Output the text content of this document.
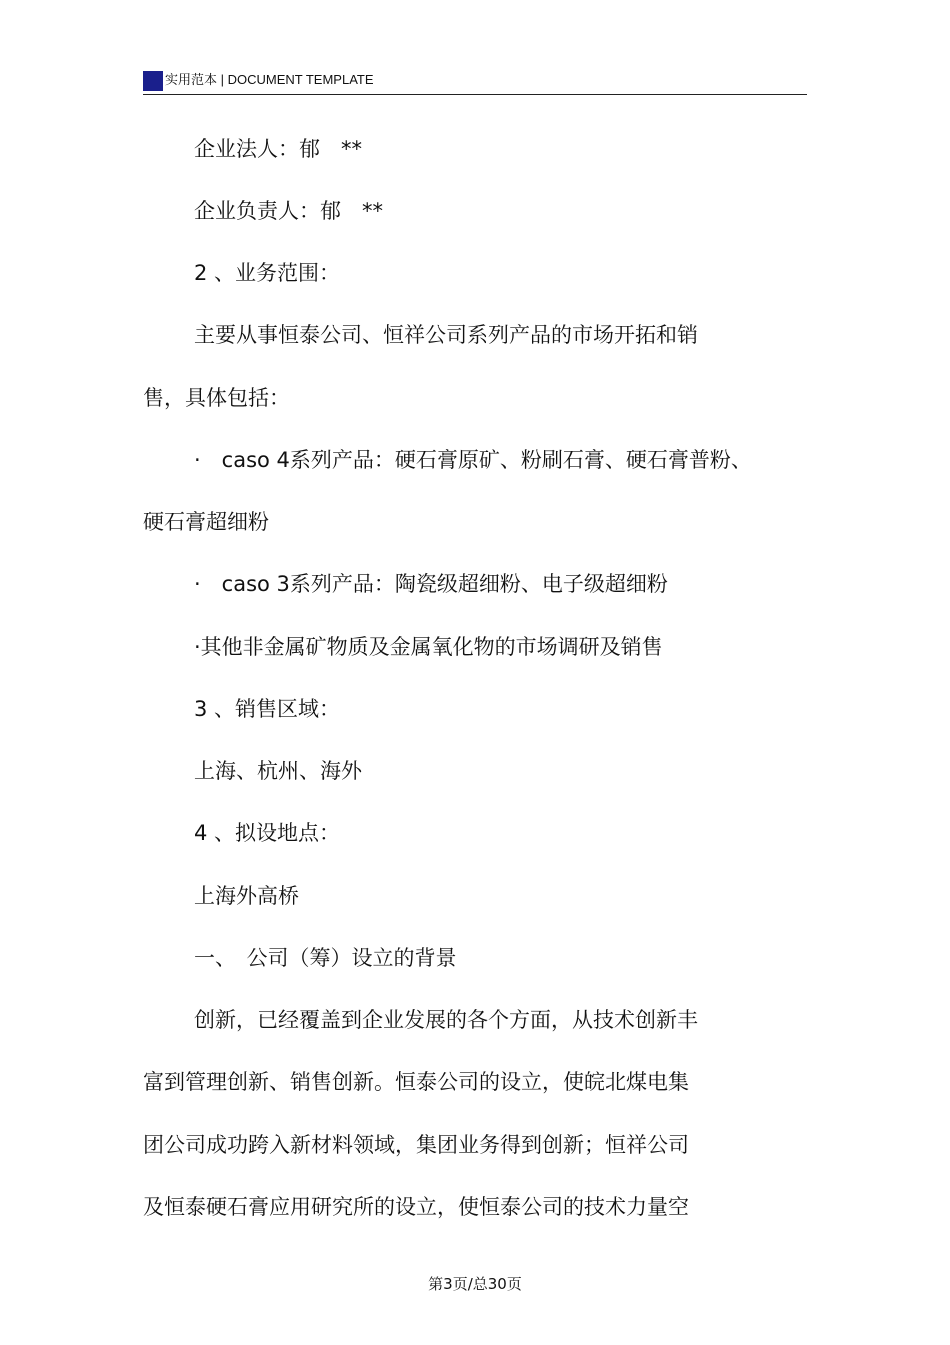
实用范本 | DOCUMENT TEMPLATE
企业法人：郁　**
企业负责人：郁　**
2 、业务范围：
主要从事恒泰公司、恒祥公司系列产品的市场开拓和销
售，具体包括：
·　caso 4系列产品：硬石膏原矿、粉刷石膏、硬石膏普粉、
硬石膏超细粉
·　caso 3系列产品：陶瓷级超细粉、电子级超细粉
·其他非金属矿物质及金属氧化物的市场调研及销售
3 、销售区域：
上海、杭州、海外
4 、拟设地点：
上海外高桥
一、　公司（筹）设立的背景
创新，已经覆盖到企业发展的各个方面，从技术创新丰
富到管理创新、销售创新。恒泰公司的设立，使皖北煤电集
团公司成功跨入新材料领域，集团业务得到创新；恒祥公司
及恒泰硬石膏应用研究所的设立，使恒泰公司的技术力量空
第3页/总30页
